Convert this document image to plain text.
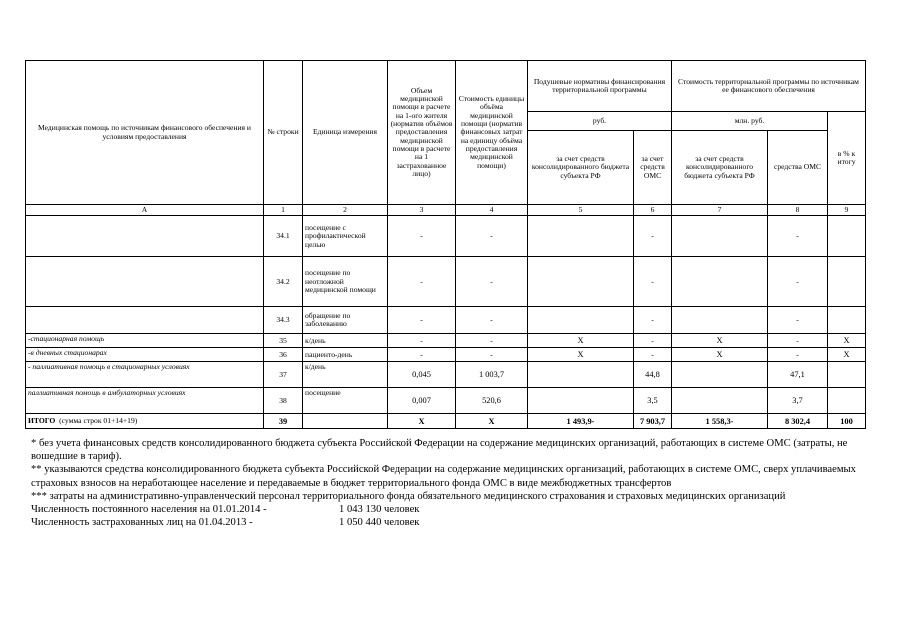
Медицинская помощь по источникам финансового обеспечения и условиям предоставления	№ строки	Единица измерения	Объем медицинской помощи в расчете на 1-ого жителя (норматив объёмов предоставления медицинской помощи в расчете на 1 застрахованное лицо)	Стоимость единицы объёма медицинской помощи (норматив финансовых затрат на единицу объёма предоставления медицинской помощи)	Подушевые нормативы финансирования территориальной программы		Стоимость территориальной программы по источникам ее финансового обеспечения		
					руб.		млн. руб.		в % к итогу
					за счет средств консолидированного бюджета субъекта РФ	за счет средств ОМС	за счет средств консолидированного бюджета субъекта РФ	средства ОМС	
А	1	2	3	4	5	6	7	8	9
	34.1	посещение с профилактической целью	-	-		-		-	
	34.2	посещение по неотложной медицинской помощи	-	-		-		-	
	34.3	обращение по заболеванию	-	-		-		-	
-стационарная помощь	35	к/день	-	-	X	-	X	-	X
-в дневных стационарах	36	пациенто-день	-	-	X	-	X	-	X
- паллиативная помощь в стационарных условиях	37	к/день	0,045	1 003,7		44,8		47,1	
паллиативная помощь в амбулаторных условиях	38	посещение	0,007	520,6		3,5		3,7	
ИТОГО (сумма строк 01+14+19)	39		X	X	1 493,9-	7 903,7	1 558,3-	8 302,4	100

* без учета финансовых средств консолидированного бюджета субъекта Российской Федерации на содержание медицинских организаций, работающих в системе ОМС (затраты, не вошедшие в тариф).

** указываются средства консолидированного бюджета субъекта Российской Федерации на содержание медицинских организаций, работающих в системе ОМС, сверх уплачиваемых страховых взносов на неработающее население и передаваемые в бюджет территориального фонда ОМС в виде межбюджетных трансфертов

*** затраты на административно-управленческий персонал территориального фонда обязательного медицинского страхования и страховых медицинских организаций

Численность постоянного населения на 01.01.2014 -	1 043 130 человек
Численность застрахованных лиц на 01.04.2013 -	1 050 440 человек
